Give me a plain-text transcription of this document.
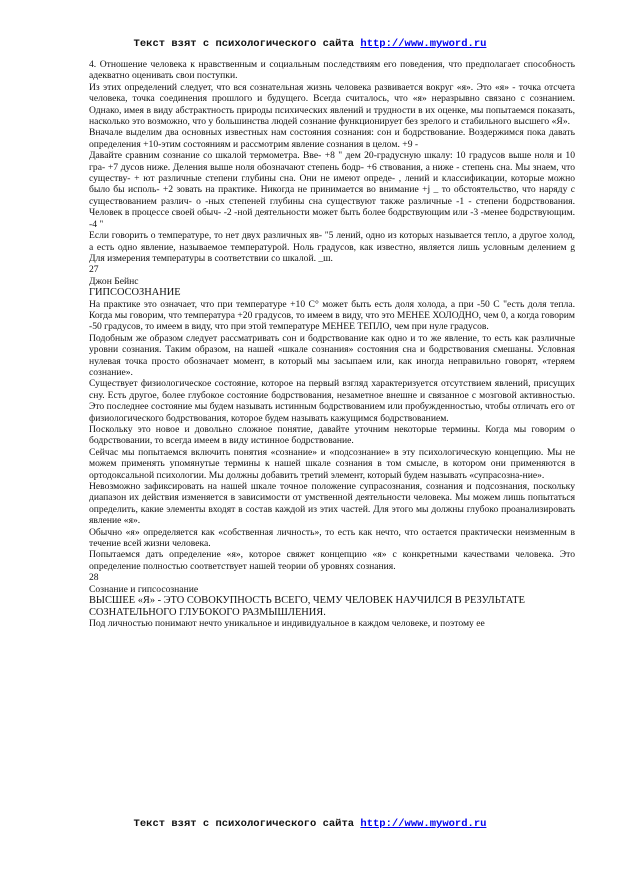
Текст взят с психологического сайта http://www.myword.ru

4. Отношение человека к нравственным и социальным последствиям его поведения, что предполагает способность адекватно оценивать свои поступки.

Из этих определений следует, что вся сознательная жизнь человека развивается вокруг «я». Это «я» - точка отсчета человека, точка соединения прошлого и будущего. Всегда считалось, что «я» неразрывно связано с сознанием. Однако, имея в виду абстрактность природы психических явлений и трудности в их оценке, мы попытаемся показать, насколько это возможно, что у большинства людей сознание функционирует без зрелого и стабильного высшего «Я».

Вначале выделим два основных известных нам состояния сознания: сон и бодрствование. Воздержимся пока давать определения +10-этим состояниям и рассмотрим явление сознания в целом. +9 -

Давайте сравним сознание со шкалой термометра. Вве- +8 " дем 20-градусную шкалу: 10 градусов выше ноля и 10 гра- +7 дусов ниже. Деления выше ноля обозначают степень бодр- +6 ствования, а ниже - степень сна. Мы знаем, что существу- + ют различные степени глубины сна. Они не имеют опреде- , лений и классификации, которые можно было бы исполь- +2 зовать на практике. Никогда не принимается во внимание +j _ то обстоятельство, что наряду с существованием различ- о -ных степеней глубины сна существуют также различные -1 - степени бодрствования. Человек в процессе своей обыч- -2 -ной деятельности может быть более бодрствующим или -3 -менее бодрствующим. -4 "

Если говорить о температуре, то нет двух различных яв- "5 лений, одно из которых называется тепло, а другое холод, а есть одно явление, называемое температурой. Ноль градусов, как известно, является лишь условным делением g Для измерения температуры в соответствии со шкалой. _ш.

27

Джон Бейнс

ГИПСОСОЗНАНИЕ

На практике это означает, что при температуре +10 С° может быть есть доля холода, а при -50 С "есть доля тепла. Когда мы говорим, что температура +20 градусов, то имеем в виду, что это МЕНЕЕ ХОЛОДНО, чем 0, а когда говорим -50 градусов, то имеем в виду, что при этой температуре МЕНЕЕ ТЕПЛО, чем при нуле градусов.

Подобным же образом следует рассматривать сон и бодрствование как одно и то же явление, то есть как различные уровни сознания. Таким образом, на нашей «шкале сознания» состояния сна и бодрствования смешаны. Условная нулевая точка просто обозначает момент, в который мы засыпаем или, как иногда неправильно говорят, «теряем сознание».

Существует физиологическое состояние, которое на первый взгляд характеризуется отсутствием явлений, присущих сну. Есть другое, более глубокое состояние бодрствования, незаметное внешне и связанное с мозговой активностью. Это последнее состояние мы будем называть истинным бодрствованием или пробужденностью, чтобы отличать его от физиологического бодрствования, которое будем называть кажущимся бодрствованием.

Поскольку это новое и довольно сложное понятие, давайте уточним некоторые термины. Когда мы говорим о бодрствовании, то всегда имеем в виду истинное бодрствование.

Сейчас мы попытаемся включить понятия «сознание» и «подсознание» в эту психологическую концепцию. Мы не можем применять упомянутые термины к нашей шкале сознания в том смысле, в котором они применяются в ортодоксальной психологии. Мы должны добавить третий элемент, который будем называть «супрасозна-ние».

Невозможно зафиксировать на нашей шкале точное положение супрасознания, сознания и подсознания, поскольку диапазон их действия изменяется в зависимости от умственной деятельности человека. Мы можем лишь попытаться определить, какие элементы входят в состав каждой из этих частей. Для этого мы должны глубоко проанализировать явление «я».

Обычно «я» определяется как «собственная личность», то есть как нечто, что остается практически неизменным в течение всей жизни человека.

Попытаемся дать определение «я», которое свяжет концепцию «я» с конкретными качествами человека. Это определение полностью соответствует нашей теории об уровнях сознания.

28

Сознание и гипсосознание

ВЫСШЕЕ «Я» - ЭТО СОВОКУПНОСТЬ ВСЕГО, ЧЕМУ ЧЕЛОВЕК НАУЧИЛСЯ В РЕЗУЛЬТАТЕ СОЗНАТЕЛЬНОГО ГЛУБОКОГО РАЗМЫШЛЕНИЯ.

Под личностью понимают нечто уникальное и индивидуальное в каждом человеке, и поэтому ее

Текст взят с психологического сайта http://www.myword.ru
